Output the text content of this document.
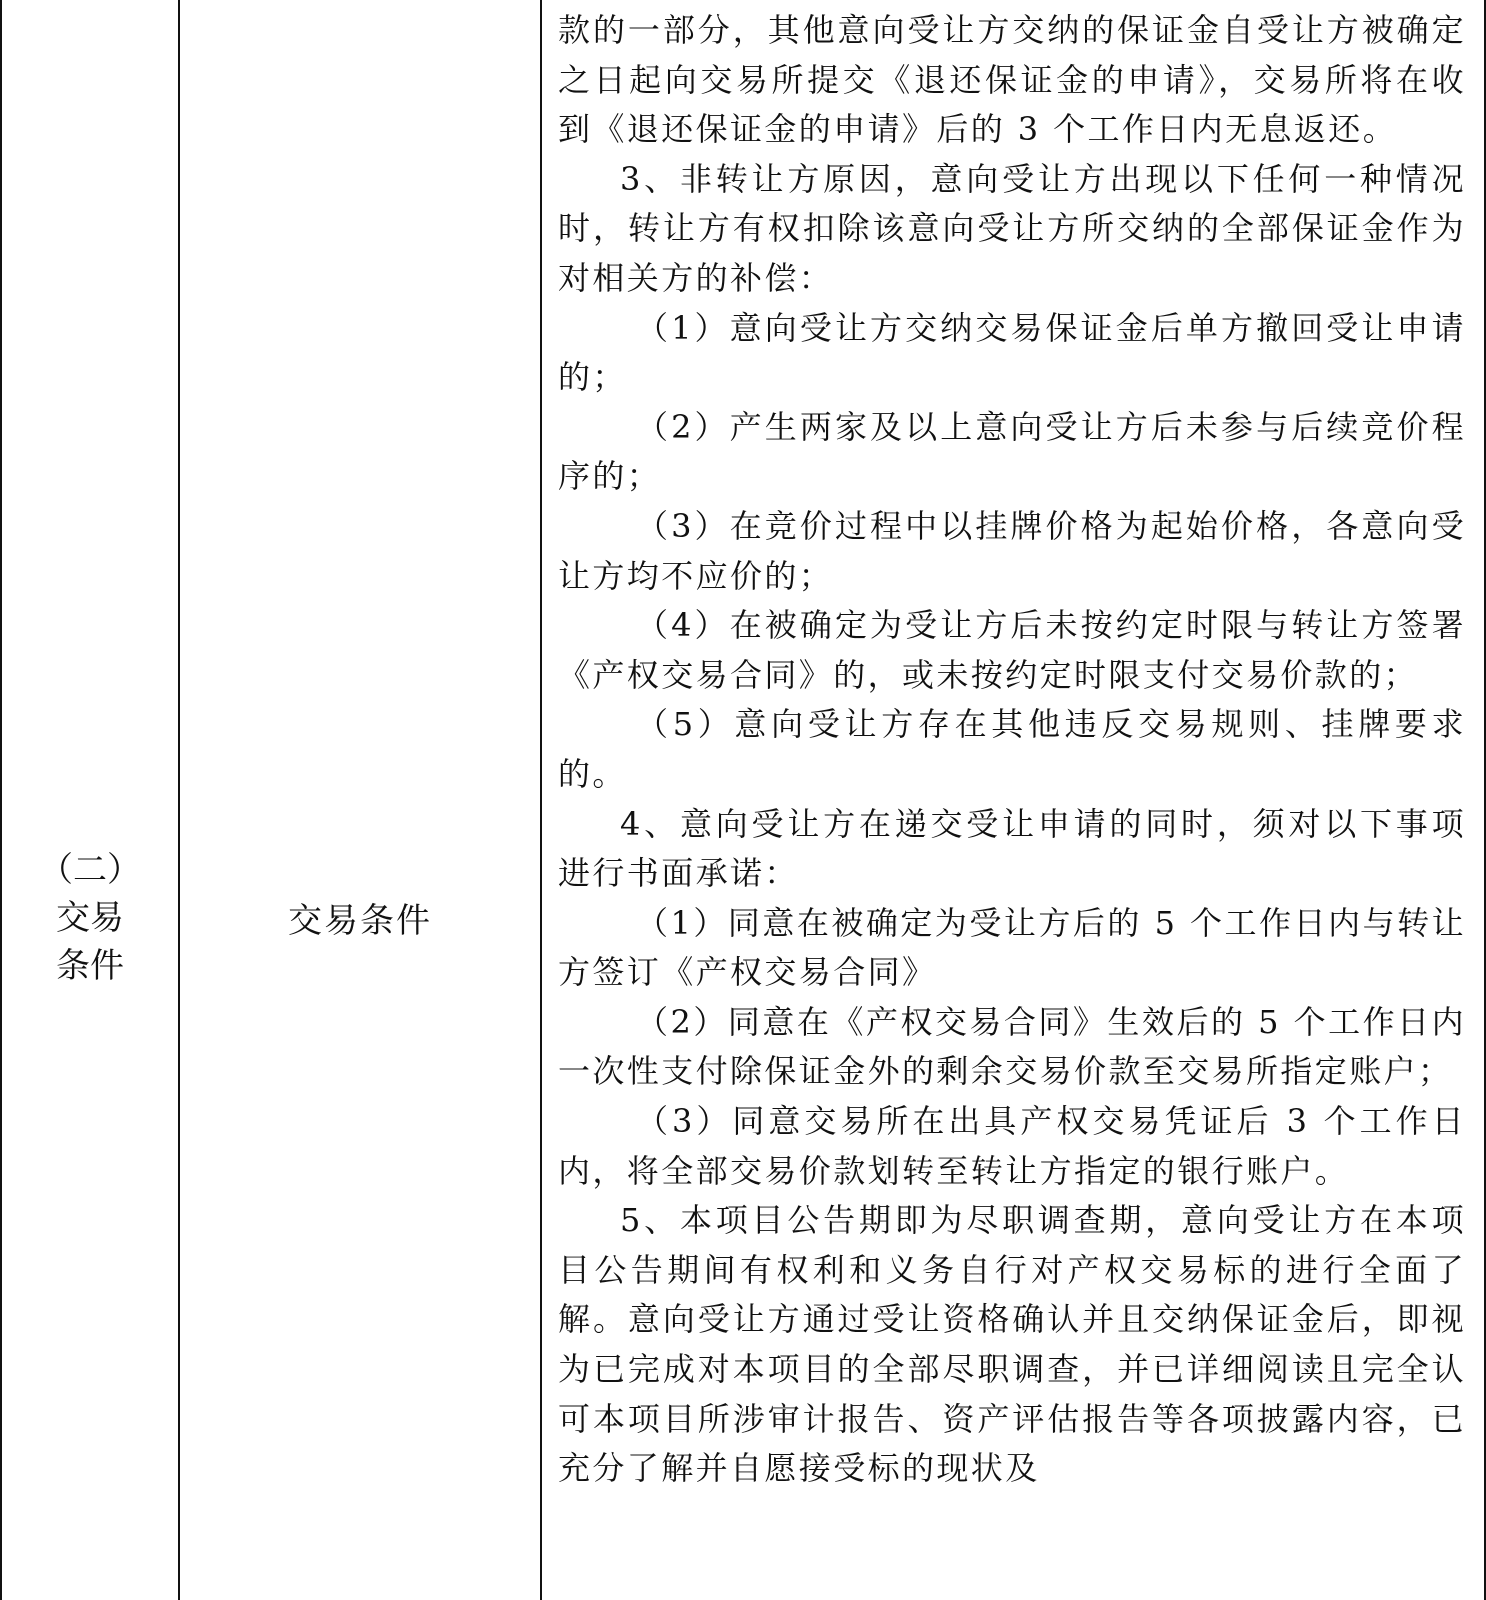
（二）
交易
条件
交易条件

款的一部分，其他意向受让方交纳的保证金自受让方被确定之日起向交易所提交《退还保证金的申请》，交易所将在收到《退还保证金的申请》后的 3 个工作日内无息返还。

3、非转让方原因，意向受让方出现以下任何一种情况时，转让方有权扣除该意向受让方所交纳的全部保证金作为对相关方的补偿：

（1）意向受让方交纳交易保证金后单方撤回受让申请的；

（2）产生两家及以上意向受让方后未参与后续竞价程序的；

（3）在竞价过程中以挂牌价格为起始价格，各意向受让方均不应价的；

（4）在被确定为受让方后未按约定时限与转让方签署《产权交易合同》的，或未按约定时限支付交易价款的；

（5）意向受让方存在其他违反交易规则、挂牌要求的。

4、意向受让方在递交受让申请的同时，须对以下事项进行书面承诺：

（1）同意在被确定为受让方后的 5 个工作日内与转让方签订《产权交易合同》

（2）同意在《产权交易合同》生效后的 5 个工作日内一次性支付除保证金外的剩余交易价款至交易所指定账户；

（3）同意交易所在出具产权交易凭证后 3 个工作日内，将全部交易价款划转至转让方指定的银行账户。

5、本项目公告期即为尽职调查期，意向受让方在本项目公告期间有权利和义务自行对产权交易标的进行全面了解。意向受让方通过受让资格确认并且交纳保证金后，即视为已完成对本项目的全部尽职调查，并已详细阅读且完全认可本项目所涉审计报告、资产评估报告等各项披露内容，已充分了解并自愿接受标的现状及
